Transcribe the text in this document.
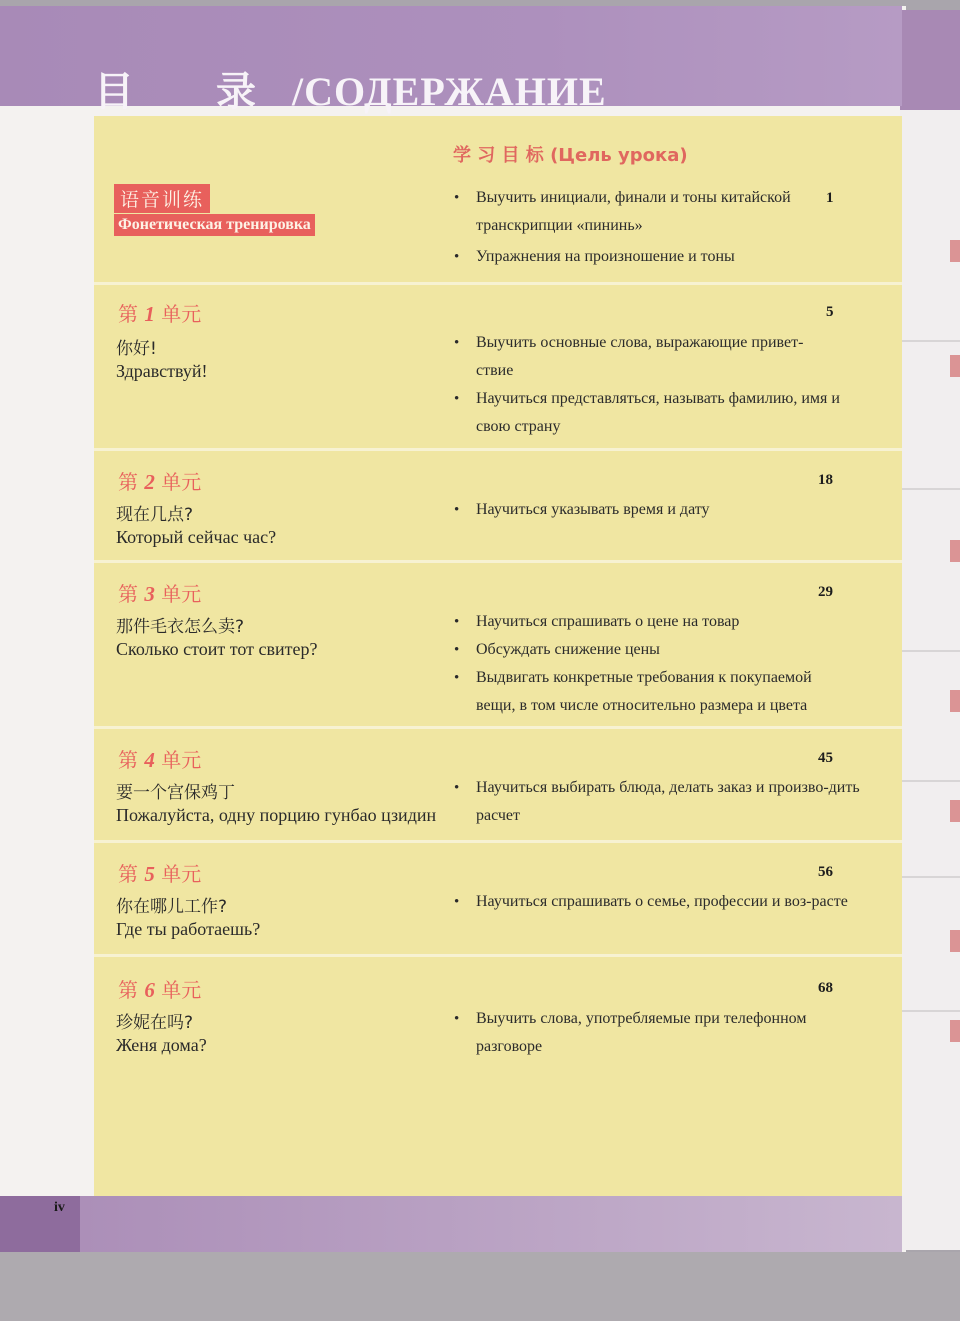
目 录/СОДЕРЖАНИЕ
学 习 目 标 (Цель урока)
语音训练
Фонетическая тренировка
1
• Выучить инициали, финали и тоны китайской транскрипции «пининь»
• Упражнения на произношение и тоны
第 1 单元
你好!
Здравствуй!
5
• Выучить основные слова, выражающие привет-ствие
• Научиться представляться, называть фамилию, имя и свою страну
第 2 单元
现在几点?
Который сейчас час?
18
• Научиться указывать время и дату
第 3 单元
那件毛衣怎么卖?
Сколько стоит тот свитер?
29
• Научиться спрашивать о цене на товар
• Обсуждать снижение цены
• Выдвигать конкретные требования к покупаемой вещи, в том числе относительно размера и цвета
第 4 单元
要一个宫保鸡丁
Пожалуйста, одну порцию гунбао цзидин
45
• Научиться выбирать блюда, делать заказ и произво-дить расчет
第 5 单元
你在哪儿工作?
Где ты работаешь?
56
• Научиться спрашивать о семье, профессии и воз-расте
第 6 单元
珍妮在吗?
Женя дома?
68
• Выучить слова, употребляемые при телефонном разговоре
iv
